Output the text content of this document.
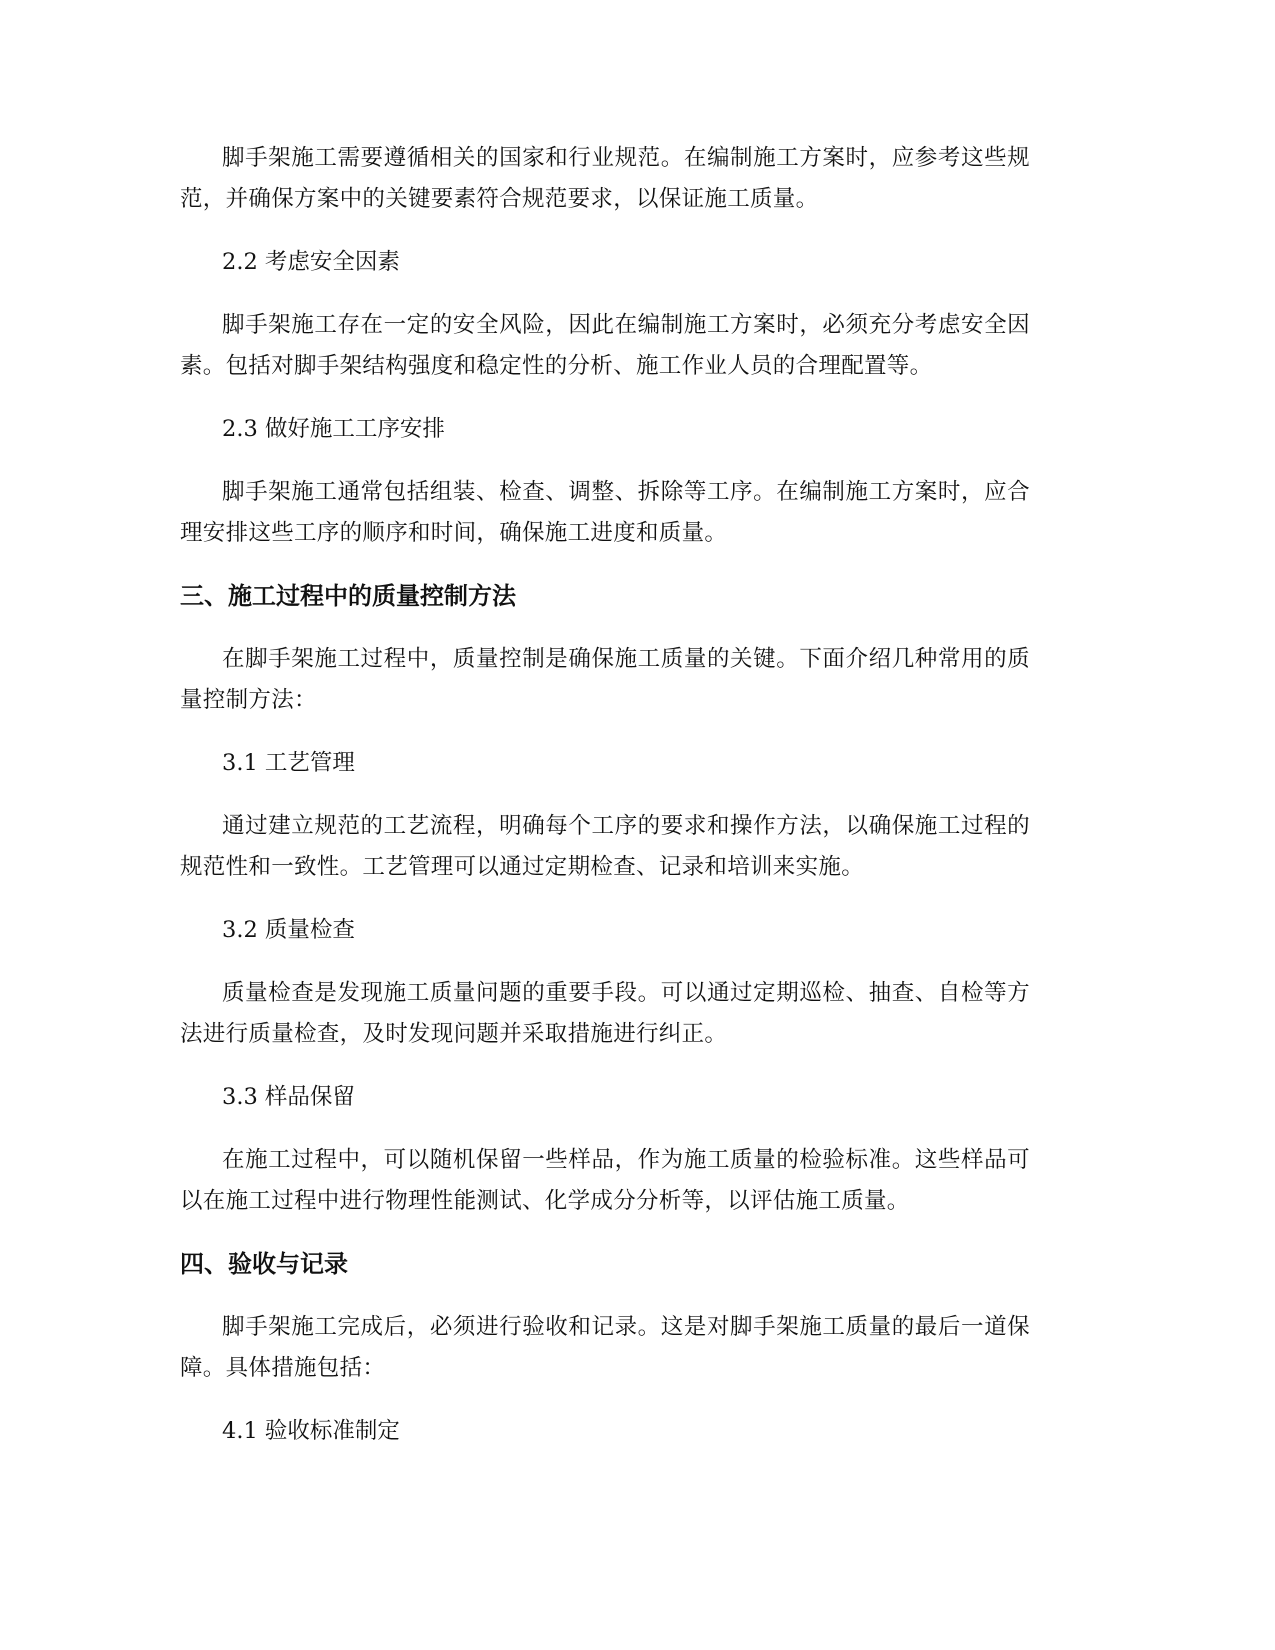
脚手架施工需要遵循相关的国家和行业规范。在编制施工方案时，应参考这些规范，并确保方案中的关键要素符合规范要求，以保证施工质量。

2.2 考虑安全因素

脚手架施工存在一定的安全风险，因此在编制施工方案时，必须充分考虑安全因素。包括对脚手架结构强度和稳定性的分析、施工作业人员的合理配置等。

2.3 做好施工工序安排

脚手架施工通常包括组装、检查、调整、拆除等工序。在编制施工方案时，应合理安排这些工序的顺序和时间，确保施工进度和质量。

三、施工过程中的质量控制方法

在脚手架施工过程中，质量控制是确保施工质量的关键。下面介绍几种常用的质量控制方法：

3.1 工艺管理

通过建立规范的工艺流程，明确每个工序的要求和操作方法，以确保施工过程的规范性和一致性。工艺管理可以通过定期检查、记录和培训来实施。

3.2 质量检查

质量检查是发现施工质量问题的重要手段。可以通过定期巡检、抽查、自检等方法进行质量检查，及时发现问题并采取措施进行纠正。

3.3 样品保留

在施工过程中，可以随机保留一些样品，作为施工质量的检验标准。这些样品可以在施工过程中进行物理性能测试、化学成分分析等，以评估施工质量。

四、验收与记录

脚手架施工完成后，必须进行验收和记录。这是对脚手架施工质量的最后一道保障。具体措施包括：

4.1 验收标准制定
